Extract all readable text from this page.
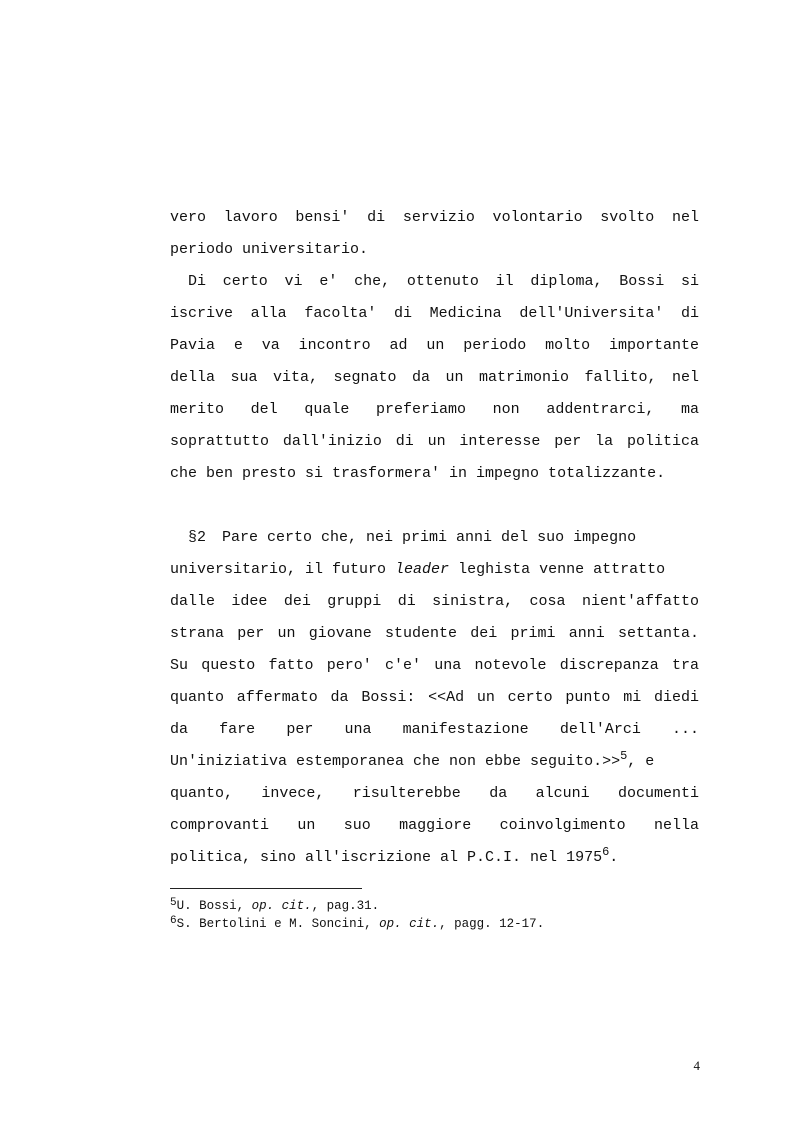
vero lavoro bensi' di servizio volontario svolto nel
periodo universitario.
Di certo vi e' che, ottenuto il diploma, Bossi si
iscrive alla facolta' di Medicina dell'Universita' di
Pavia e va incontro ad un periodo molto importante
della sua vita, segnato da un matrimonio fallito, nel
merito del quale preferiamo non addentrarci, ma
soprattutto dall'inizio di un interesse per la politica
che ben presto si trasformera' in impegno totalizzante.
§2 Pare certo che, nei primi anni del suo impegno
universitario, il futuro leader leghista venne attratto
dalle idee dei gruppi di sinistra, cosa nient'affatto
strana per un giovane studente dei primi anni settanta.
Su questo fatto pero' c'e' una notevole discrepanza tra
quanto affermato da Bossi: <<Ad un certo punto mi diedi
da fare per una manifestazione dell'Arci ...
Un'iniziativa estemporanea che non ebbe seguito.>>$^5$, e
quanto, invece, risulterebbe da alcuni documenti
comprovanti un suo maggiore coinvolgimento nella
politica, sino all'iscrizione al P.C.I. nel 1975$^6$.
5U. Bossi, op. cit., pag.31.
6S. Bertolini e M. Soncini, op. cit., pagg. 12-17.
4
